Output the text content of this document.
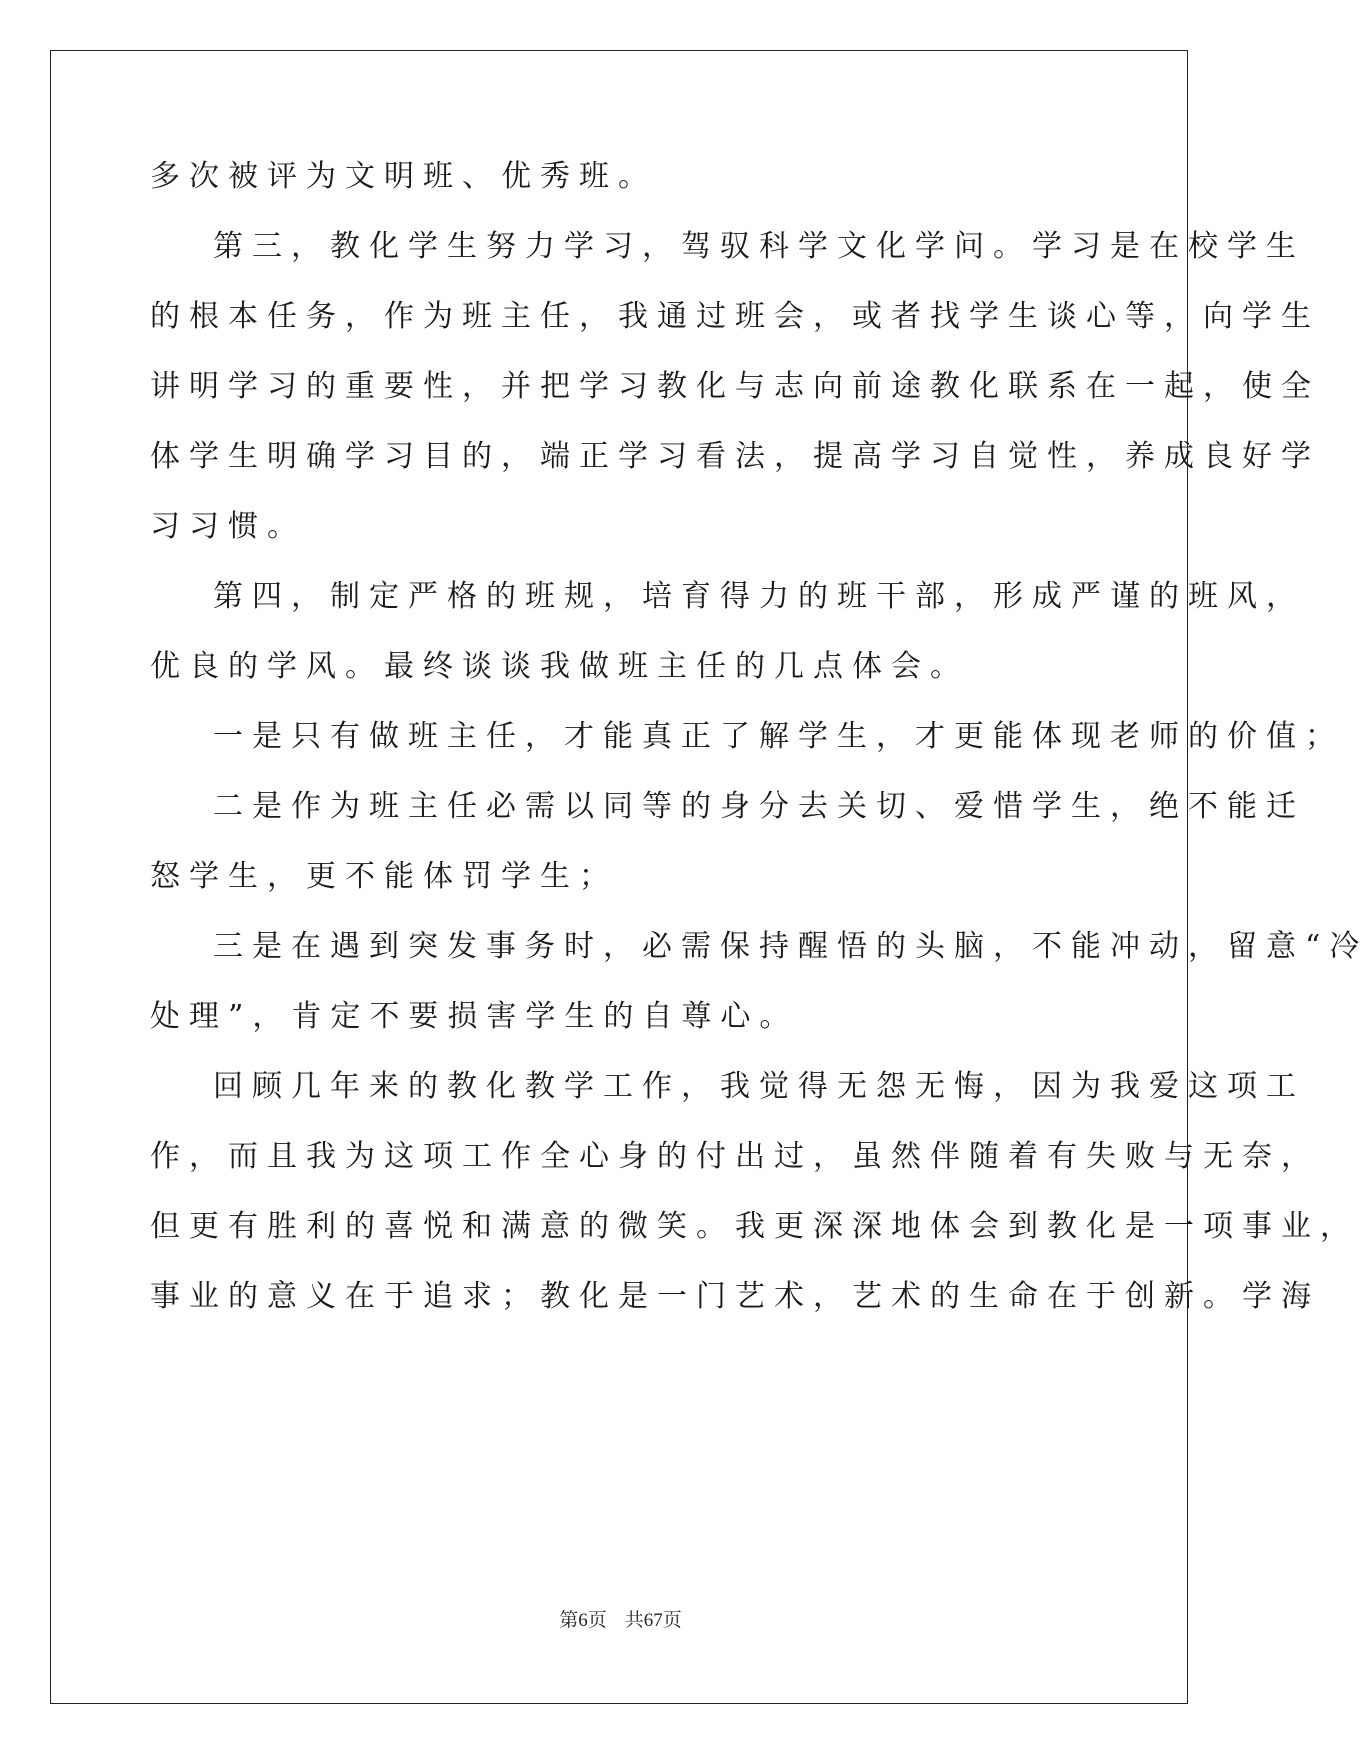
多次被评为文明班、优秀班。
第三，教化学生努力学习，驾驭科学文化学问。学习是在校学生
的根本任务，作为班主任，我通过班会，或者找学生谈心等，向学生
讲明学习的重要性，并把学习教化与志向前途教化联系在一起，使全
体学生明确学习目的，端正学习看法，提高学习自觉性，养成良好学
习习惯。
第四，制定严格的班规，培育得力的班干部，形成严谨的班风，
优良的学风。最终谈谈我做班主任的几点体会。
一是只有做班主任，才能真正了解学生，才更能体现老师的价值；
二是作为班主任必需以同等的身分去关切、爱惜学生，绝不能迁
怒学生，更不能体罚学生；
三是在遇到突发事务时，必需保持醒悟的头脑，不能冲动，留意“冷
处理”，肯定不要损害学生的自尊心。
回顾几年来的教化教学工作，我觉得无怨无悔，因为我爱这项工
作，而且我为这项工作全心身的付出过，虽然伴随着有失败与无奈，
但更有胜利的喜悦和满意的微笑。我更深深地体会到教化是一项事业，
事业的意义在于追求；教化是一门艺术，艺术的生命在于创新。学海
第6页 共67页
